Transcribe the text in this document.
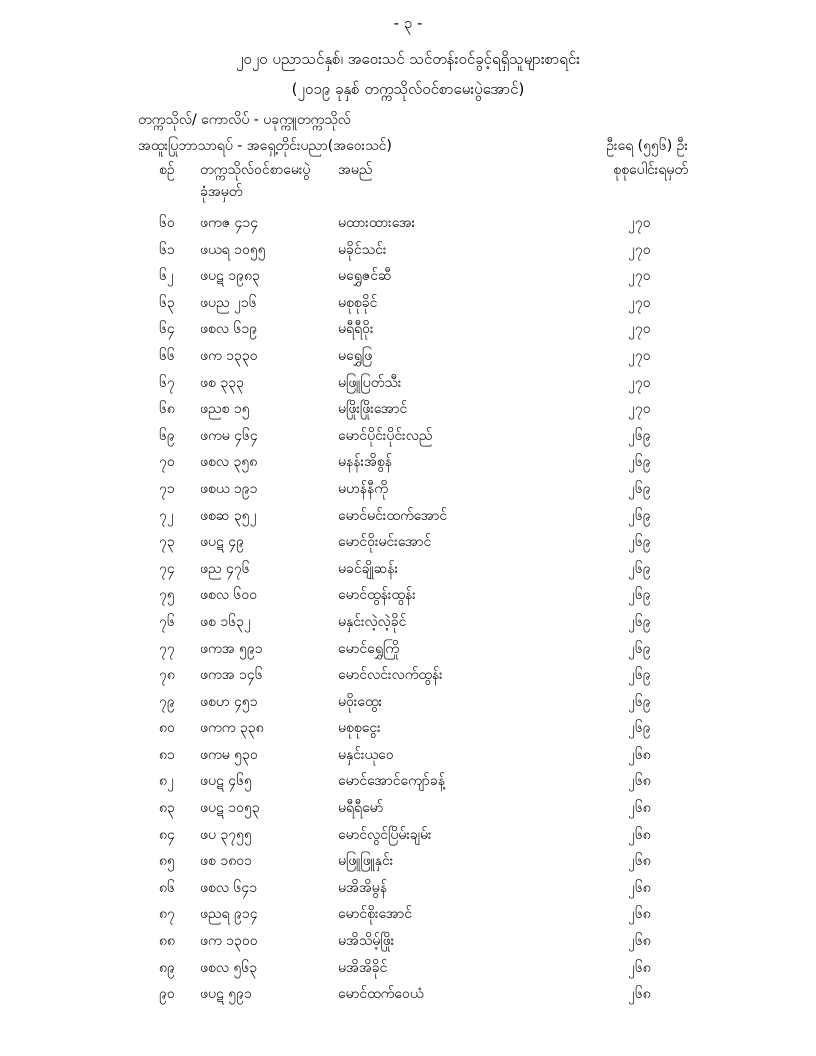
- ၃ -
၂၀၂၀ ပညာသင်နှစ်၊ အဝေးသင် သင်တန်းဝင်ခွင့်ရရှိသူများစာရင်း
(၂၀၁၉ ခုနှစ် တက္ကသိုလ်ဝင်စာမေးပွဲအောင်)
တက္ကသိုလ်/ ကောလိပ် - ပခုက္ကူတက္ကသိုလ်
အထူးပြုဘာသာရပ် - အရှေ့တိုင်းပညာ(အဝေးသင်)	ဦးရေ (၅၅၆) ဦး
စဉ် တက္ကသိုလ်ဝင်စာမေးပွဲ
ခုံအမှတ်
အမည်	စုစုပေါင်းရမှတ်
၆၀ ဖကဇ ၄၁၄	မထားထားအေး	၂၇၀
၆၁ ဖယရ ၁၀၅၅	မခိုင်သင်း	၂၇၀
၆၂ ဖပဋ ၁၉၈၃	မရွှေဇင်ဆီ	၂၇၀
၆၃ ဖပည ၂၁၆	မစုစုခိုင်	၂၇၀
၆၄ ဖစလ ၆၁၉	မရီရီဝိုး	၂၇၀
၆၆ ဖက ၁၃၃၀	မရွှေဖြ	၂၇၀
၆၇ ဖစ ၃၃၃	မဖြူပြတ်သီး	၂၇၀
၆၈ ဖညစ ၁၅	မဖြိုးဖြိုးအောင်	၂၇၀
၆၉ ဖကမ ၄၆၄	မောင်ပိုင်းပိုင်းလည်	၂၆၉
၇၀ ဖစလ ၃၅၈	မနန်းအိစွန်	၂၆၉
၇၁ ဖစယ ၁၉၁	မဟန်နီကို	၂၆၉
၇၂ ဖစဆ ၃၅၂	မောင်မင်းထက်အောင်	၂၆၉
၇၃ ဖပဋ ၄၉	မောင်ဝိုးမင်းအောင်	၂၆၉
၇၄ ဖည ၄၇၆	မခင်ချိုဆန်း	၂၆၉
၇၅ ဖစလ ၆၀၀	မောင်ထွန်းထွန်း	၂၆၉
၇၆ ဖစ ၁၆၃၂	မနှင်းလဲ့လဲ့ခိုင်	၂၆၉
၇၇ ဖကအ ၅၉၁	မောင်ရွှေကြို	၂၆၉
၇၈ ဖကအ ၁၄၆	မောင်လင်းလက်ထွန်း	၂၆၉
၇၉ ဖစဟ ၄၅၁	မဝိုးထွေး	၂၆၉
၈၀ ဖကက ၃၃၈	မစုစုငွေး	၂၆၉
၈၁ ဖကမ ၅၃၀	မနှင်းယုဝေ	၂၆၈
၈၂ ဖပဋ ၄၆၅	မောင်အောင်ကျော်ခန့်	၂၆၈
၈၃ ဖပဋ ၁၀၅၃	မရီရီမော်	၂၆၈
၈၄ ဖပ ၃၇၅၅	မောင်လွင်ပြိမ်းချမ်း	၂၆၈
၈၅ ဖစ ၁၈၀၁	မဖြူဖြူနှင်း	၂၆၈
၈၆ ဖစလ ၆၄၁	မအိအိမွန်	၂၆၈
၈၇ ဖညရ ၉၁၄	မောင်စိုးအောင်	၂၆၈
၈၈ ဖက ၁၃၀၀	မအိသိမ့်ဖြိုး	၂၆၈
၈၉ ဖစလ ၅၆၃	မအိအိခိုင်	၂၆၈
၉၀ ဖပဋ ၅၉၁	မောင်ထက်ဝေယံ	၂၆၈
